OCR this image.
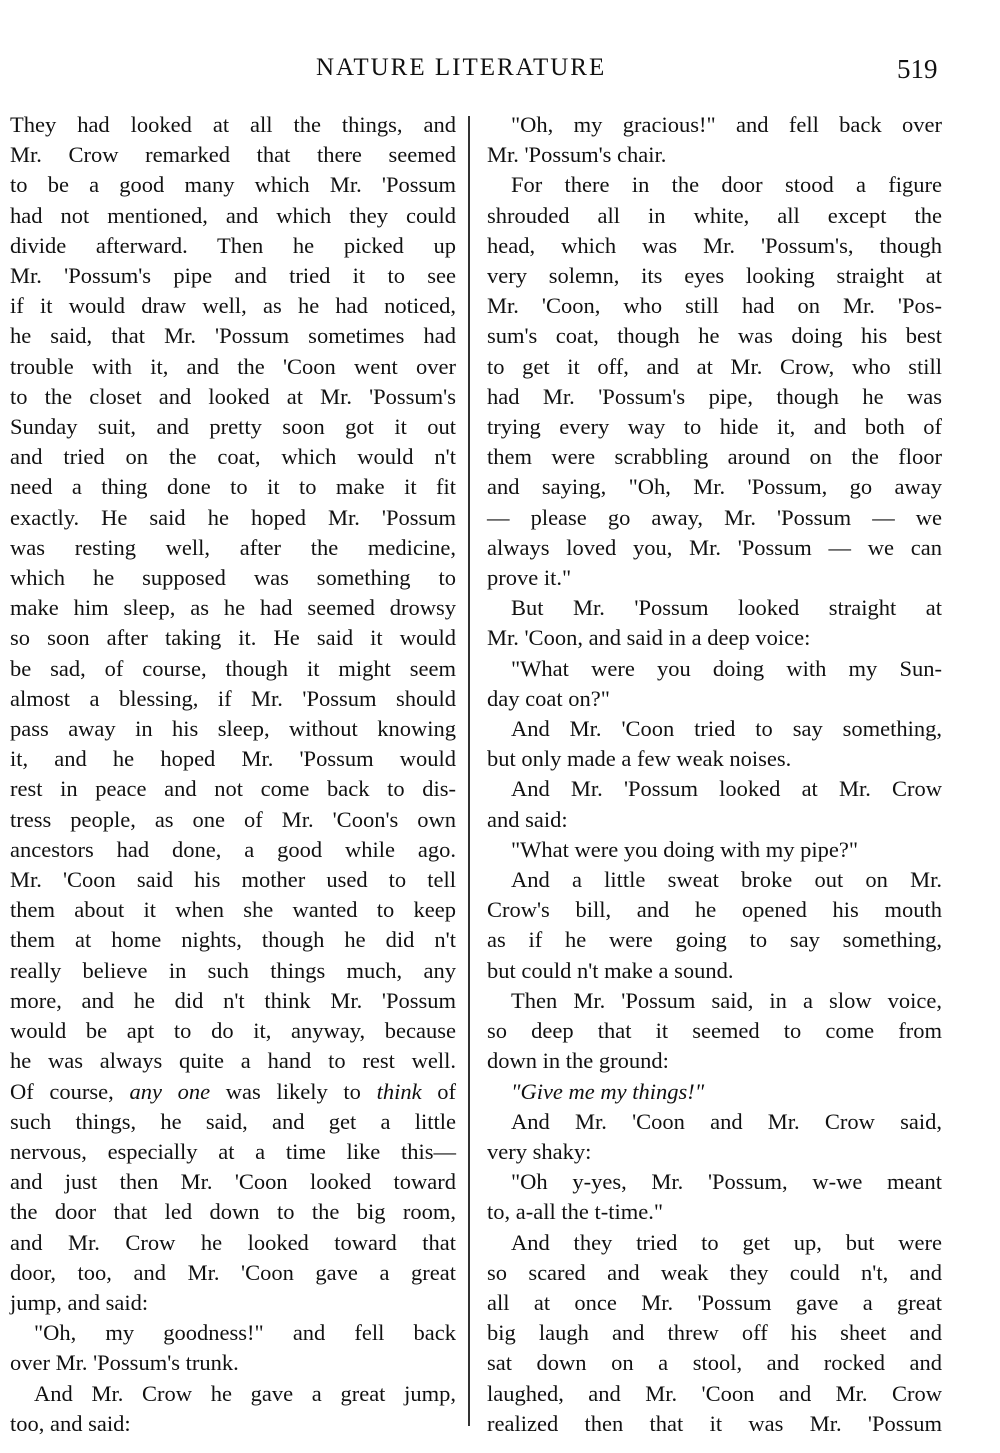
NATURE LITERATURE	519

They had looked at all the things, and

Mr. Crow remarked that there seemed

to be a good many which Mr. 'Possum

had not mentioned, and which they could

divide afterward. Then he picked up

Mr. 'Possum's pipe and tried it to see

if it would draw well, as he had noticed,

he said, that Mr. 'Possum sometimes had

trouble with it, and the 'Coon went over

to the closet and looked at Mr. 'Possum's

Sunday suit, and pretty soon got it out

and tried on the coat, which would n't

need a thing done to it to make it fit

exactly. He said he hoped Mr. 'Possum

was resting well, after the medicine,

which he supposed was something to

make him sleep, as he had seemed drowsy

so soon after taking it. He said it would

be sad, of course, though it might seem

almost a blessing, if Mr. 'Possum should

pass away in his sleep, without knowing

it, and he hoped Mr. 'Possum would

rest in peace and not come back to dis-

tress people, as one of Mr. 'Coon's own

ancestors had done, a good while ago.

Mr. 'Coon said his mother used to tell

them about it when she wanted to keep

them at home nights, though he did n't

really believe in such things much, any

more, and he did n't think Mr. 'Possum

would be apt to do it, anyway, because

he was always quite a hand to rest well.

Of course, any one was likely to think of

such things, he said, and get a little

nervous, especially at a time like this—

and just then Mr. 'Coon looked toward

the door that led down to the big room,

and Mr. Crow he looked toward that

door, too, and Mr. 'Coon gave a great

jump, and said:

"Oh, my goodness!" and fell back

over Mr. 'Possum's trunk.

And Mr. Crow he gave a great jump,

too, and said:

"Oh, my gracious!" and fell back over

Mr. 'Possum's chair.

For there in the door stood a figure

shrouded all in white, all except the

head, which was Mr. 'Possum's, though

very solemn, its eyes looking straight at

Mr. 'Coon, who still had on Mr. 'Pos-

sum's coat, though he was doing his best

to get it off, and at Mr. Crow, who still

had Mr. 'Possum's pipe, though he was

trying every way to hide it, and both of

them were scrabbling around on the floor

and saying, "Oh, Mr. 'Possum, go away

— please go away, Mr. 'Possum — we

always loved you, Mr. 'Possum — we can

prove it."

But Mr. 'Possum looked straight at

Mr. 'Coon, and said in a deep voice:

"What were you doing with my Sun-

day coat on?"

And Mr. 'Coon tried to say something,

but only made a few weak noises.

And Mr. 'Possum looked at Mr. Crow

and said:

"What were you doing with my pipe?"

And a little sweat broke out on Mr.

Crow's bill, and he opened his mouth

as if he were going to say something,

but could n't make a sound.

Then Mr. 'Possum said, in a slow voice,

so deep that it seemed to come from

down in the ground:

"Give me my things!"

And Mr. 'Coon and Mr. Crow said,

very shaky:

"Oh y-yes, Mr. 'Possum, w-we meant

to, a-all the t-time."

And they tried to get up, but were

so scared and weak they could n't, and

all at once Mr. 'Possum gave a great

big laugh and threw off his sheet and

sat down on a stool, and rocked and

laughed, and Mr. 'Coon and Mr. Crow

realized then that it was Mr. 'Possum
